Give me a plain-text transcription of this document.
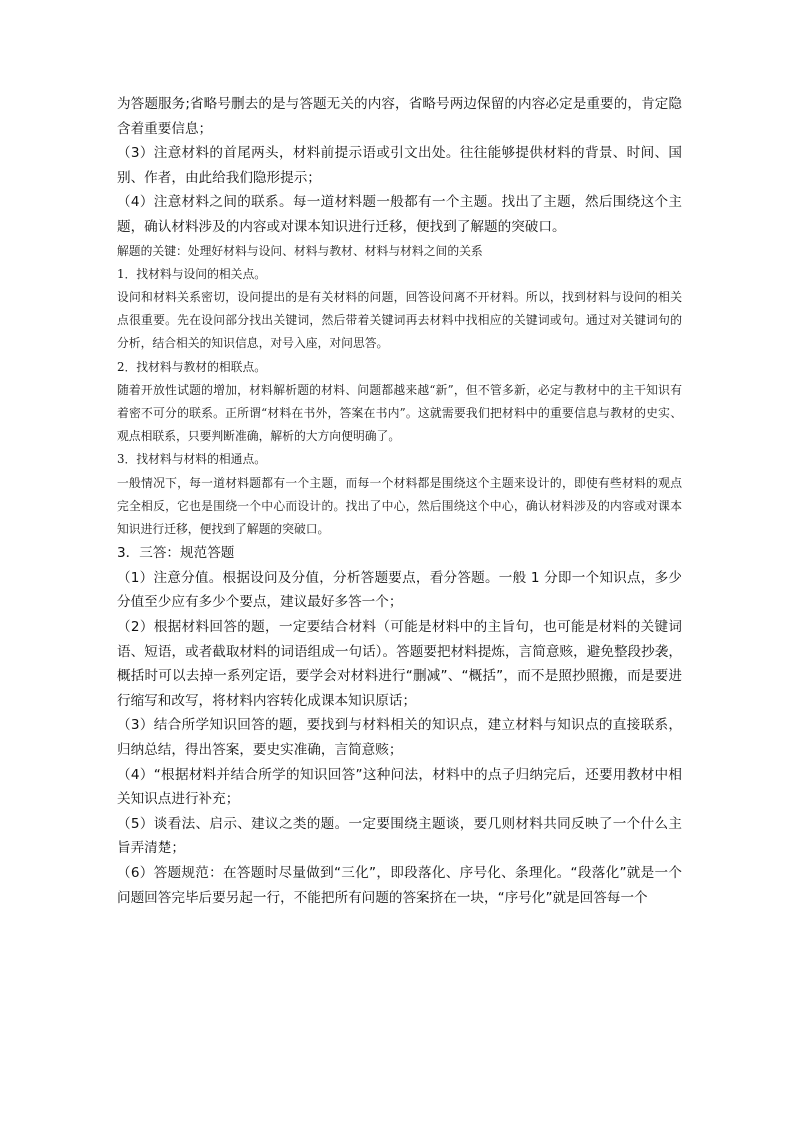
为答题服务;省略号删去的是与答题无关的内容，省略号两边保留的内容必定是重要的，肯定隐含着重要信息；

（3）注意材料的首尾两头，材料前提示语或引文出处。往往能够提供材料的背景、时间、国别、作者，由此给我们隐形提示；

（4）注意材料之间的联系。每一道材料题一般都有一个主题。找出了主题，然后围绕这个主题，确认材料涉及的内容或对课本知识进行迁移，便找到了解题的突破口。

解题的关键：处理好材料与设问、材料与教材、材料与材料之间的关系

1．找材料与设问的相关点。

设问和材料关系密切，设问提出的是有关材料的问题，回答设问离不开材料。所以，找到材料与设问的相关点很重要。先在设问部分找出关键词，然后带着关键词再去材料中找相应的关键词或句。通过对关键词句的分析，结合相关的知识信息，对号入座，对问思答。

2．找材料与教材的相联点。

随着开放性试题的增加，材料解析题的材料、问题都越来越“新”，但不管多新，必定与教材中的主干知识有着密不可分的联系。正所谓“材料在书外，答案在书内”。这就需要我们把材料中的重要信息与教材的史实、观点相联系，只要判断准确，解析的大方向便明确了。

3．找材料与材料的相通点。

一般情况下，每一道材料题都有一个主题，而每一个材料都是围绕这个主题来设计的，即使有些材料的观点完全相反，它也是围绕一个中心而设计的。找出了中心，然后围绕这个中心，确认材料涉及的内容或对课本知识进行迁移，便找到了解题的突破口。

3．三答：规范答题

（1）注意分值。根据设问及分值，分析答题要点，看分答题。一般 1 分即一个知识点，多少分值至少应有多少个要点，建议最好多答一个；

（2）根据材料回答的题，一定要结合材料（可能是材料中的主旨句，也可能是材料的关键词语、短语，或者截取材料的词语组成一句话）。答题要把材料提炼，言简意赅，避免整段抄袭，概括时可以去掉一系列定语，要学会对材料进行“删减”、“概括”，而不是照抄照搬，而是要进行缩写和改写，将材料内容转化成课本知识原话；

（3）结合所学知识回答的题，要找到与材料相关的知识点，建立材料与知识点的直接联系，归纳总结，得出答案，要史实准确，言简意赅；

（4）“根据材料并结合所学的知识回答”这种问法，材料中的点子归纳完后，还要用教材中相关知识点进行补充；

（5）谈看法、启示、建议之类的题。一定要围绕主题谈，要几则材料共同反映了一个什么主旨弄清楚；

（6）答题规范：在答题时尽量做到“三化”，即段落化、序号化、条理化。“段落化”就是一个问题回答完毕后要另起一行，不能把所有问题的答案挤在一块，“序号化”就是回答每一个
